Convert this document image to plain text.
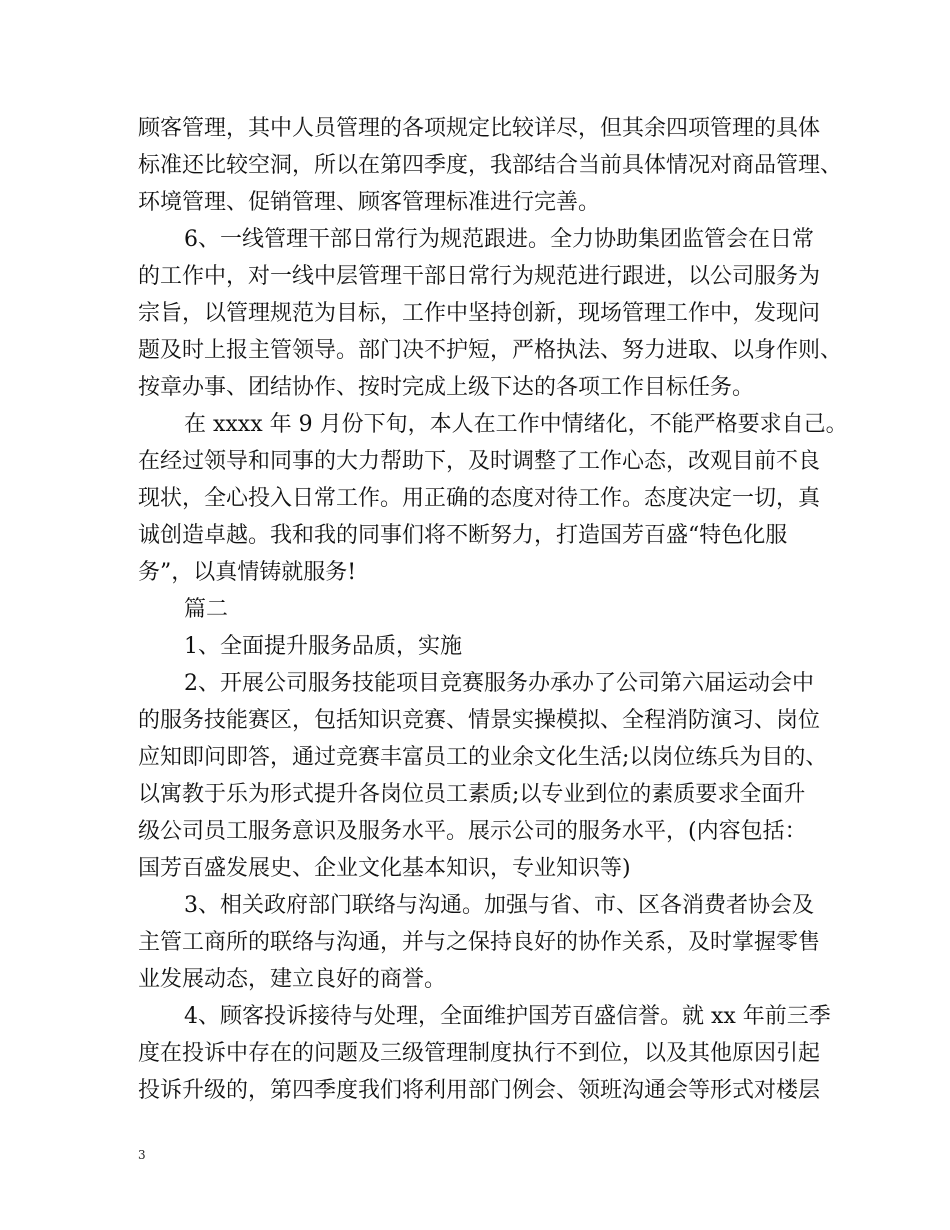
顾客管理，其中人员管理的各项规定比较详尽，但其余四项管理的具体
标准还比较空洞，所以在第四季度，我部结合当前具体情况对商品管理、
环境管理、促销管理、顾客管理标准进行完善。
6、一线管理干部日常行为规范跟进。全力协助集团监管会在日常
的工作中，对一线中层管理干部日常行为规范进行跟进，以公司服务为
宗旨，以管理规范为目标，工作中坚持创新，现场管理工作中，发现问
题及时上报主管领导。部门决不护短，严格执法、努力进取、以身作则、
按章办事、团结协作、按时完成上级下达的各项工作目标任务。
在 xxxx 年 9 月份下旬，本人在工作中情绪化，不能严格要求自己。
在经过领导和同事的大力帮助下，及时调整了工作心态，改观目前不良
现状，全心投入日常工作。用正确的态度对待工作。态度决定一切，真
诚创造卓越。我和我的同事们将不断努力，打造国芳百盛“特色化服
务”，以真情铸就服务!
篇二
1、全面提升服务品质，实施
2、开展公司服务技能项目竞赛服务办承办了公司第六届运动会中
的服务技能赛区，包括知识竞赛、情景实操模拟、全程消防演习、岗位
应知即问即答，通过竞赛丰富员工的业余文化生活;以岗位练兵为目的、
以寓教于乐为形式提升各岗位员工素质;以专业到位的素质要求全面升
级公司员工服务意识及服务水平。展示公司的服务水平，(内容包括：
国芳百盛发展史、企业文化基本知识，专业知识等)
3、相关政府部门联络与沟通。加强与省、市、区各消费者协会及
主管工商所的联络与沟通，并与之保持良好的协作关系，及时掌握零售
业发展动态，建立良好的商誉。
4、顾客投诉接待与处理，全面维护国芳百盛信誉。就 xx 年前三季
度在投诉中存在的问题及三级管理制度执行不到位，以及其他原因引起
投诉升级的，第四季度我们将利用部门例会、领班沟通会等形式对楼层
3
